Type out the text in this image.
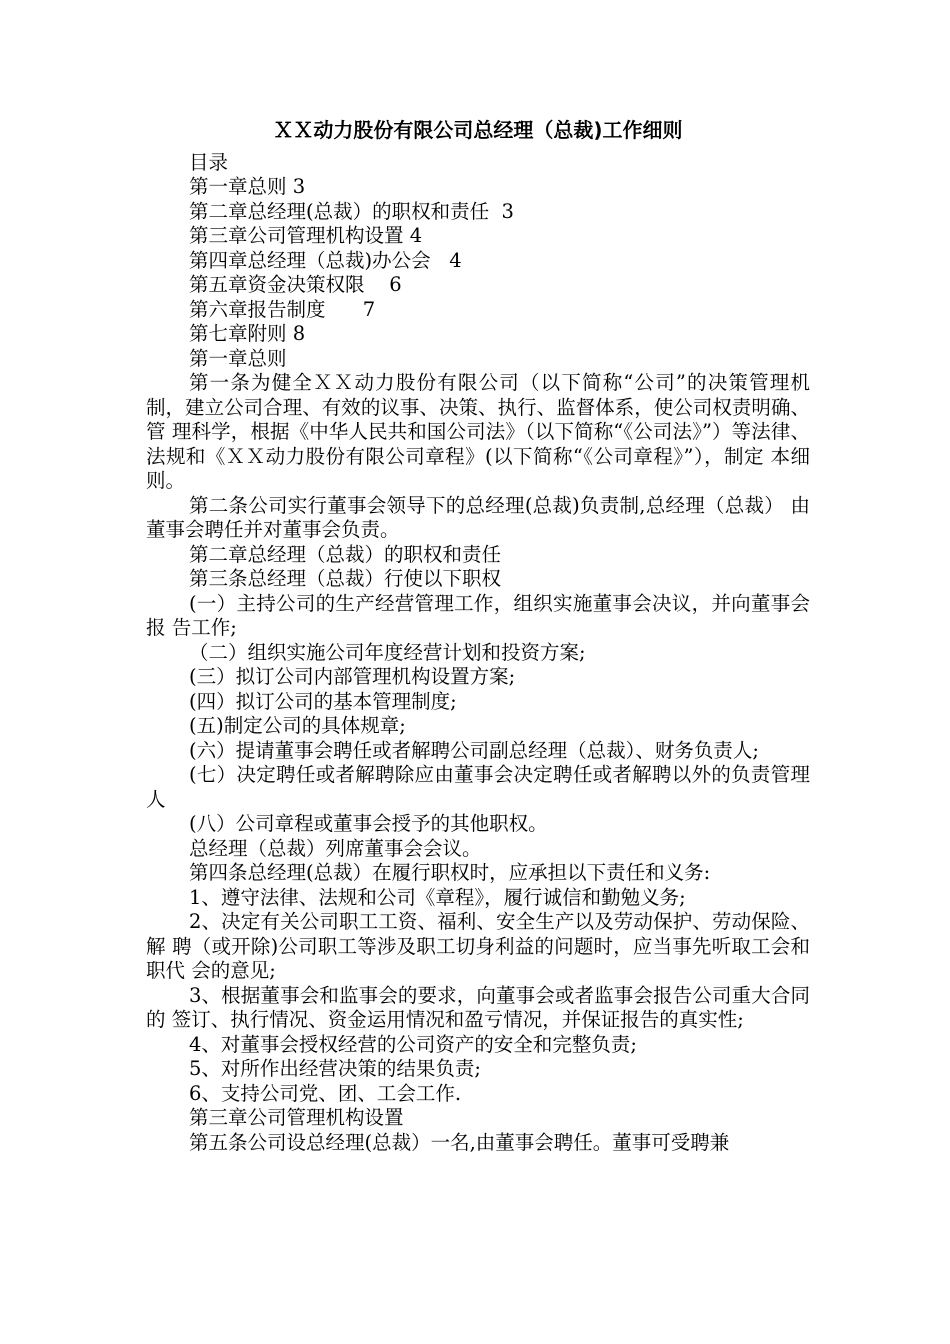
ＸＸ动力股份有限公司总经理（总裁)工作细则
目录
第一章总则 3
第二章总经理(总裁）的职权和责任  3
第三章公司管理机构设置 4
第四章总经理（总裁)办公会   4
第五章资金决策权限    6
第六章报告制度      7
第七章附则 8
第一章总则

第一条为健全ＸＸ动力股份有限公司（以下简称“公司”的决策管理机 制，建立公司合理、有效的议事、决策、执行、监督体系，使公司权责明确、管 理科学，根据《中华人民共和国公司法》（以下简称“《公司法》”）等法律、 法规和《ＸＸ动力股份有限公司章程》(以下简称“《公司章程》”），制定 本细则。

第二条公司实行董事会领导下的总经理(总裁)负责制,总经理（总裁） 由董事会聘任并对董事会负责。

第二章总经理（总裁）的职权和责任
第三条总经理（总裁）行使以下职权

(一）主持公司的生产经营管理工作，组织实施董事会决议，并向董事会报 告工作;

（二）组织实施公司年度经营计划和投资方案;
(三）拟订公司内部管理机构设置方案;
(四）拟订公司的基本管理制度;
(五)制定公司的具体规章;

(六）提请董事会聘任或者解聘公司副总经理（总裁）、财务负责人;

(七）决定聘任或者解聘除应由董事会决定聘任或者解聘以外的负责管理人

(八）公司章程或董事会授予的其他职权。
总经理（总裁）列席董事会会议。
第四条总经理(总裁）在履行职权时，应承担以下责任和义务:
1、遵守法律、法规和公司《章程》，履行诚信和勤勉义务;

2、决定有关公司职工工资、福利、安全生产以及劳动保护、劳动保险、解 聘（或开除)公司职工等涉及职工切身利益的问题时，应当事先听取工会和职代 会的意见;

3、根据董事会和监事会的要求，向董事会或者监事会报告公司重大合同的 签订、执行情况、资金运用情况和盈亏情况，并保证报告的真实性;

4、对董事会授权经营的公司资产的安全和完整负责;
5、对所作出经营决策的结果负责;
6、支持公司党、团、工会工作.
第三章公司管理机构设置
第五条公司设总经理(总裁）一名,由董事会聘任。董事可受聘兼
